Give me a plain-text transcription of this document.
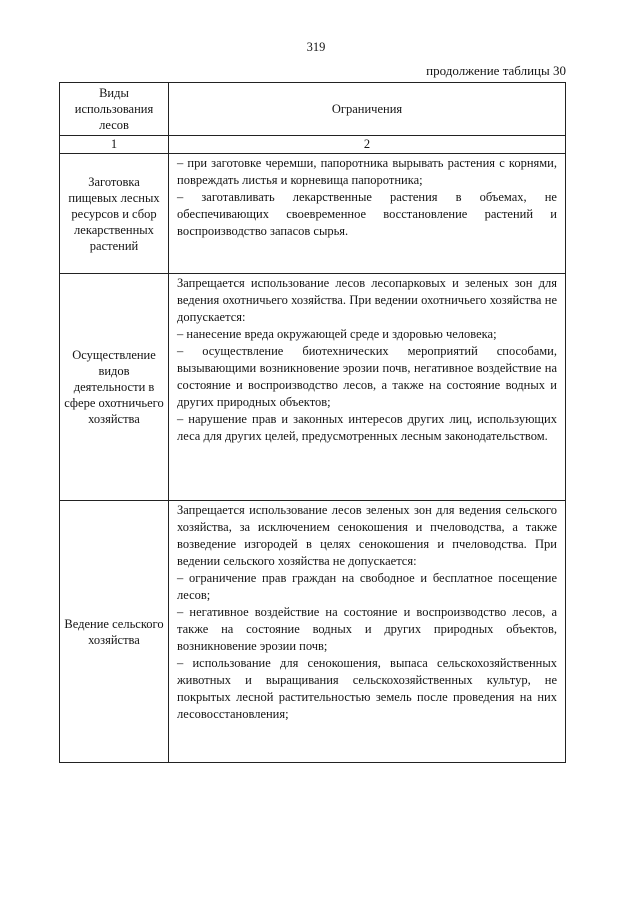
319
продолжение таблицы 30
Виды использования лесов	Ограничения
1	2
Заготовка пищевых лесных ресурсов и сбор лекарственных растений	– при заготовке черемши, папоротника вырывать растения с корнями, повреждать листья и корневища папоротника;

– заготавливать лекарственные растения в объемах, не обеспечивающих своевременное восстановление растений и воспроизводство запасов сырья.

Осуществление видов деятельности в сфере охотничьего хозяйства	Запрещается использование лесов лесопарковых и зеленых зон для ведения охотничьего хозяйства. При ведении охотничьего хозяйства не допускается:

– нанесение вреда окружающей среде и здоровью человека;

– осуществление биотехнических мероприятий способами, вызывающими возникновение эрозии почв, негативное воздействие на состояние и воспроизводство лесов, а также на состояние водных и других природных объектов;

– нарушение прав и законных интересов других лиц, использующих леса для других целей, предусмотренных лесным законодательством.

Ведение сельского хозяйства	Запрещается использование лесов зеленых зон для ведения сельского хозяйства, за исключением сенокошения и пчеловодства, а также возведение изгородей в целях сенокошения и пчеловодства. При ведении сельского хозяйства не допускается:

– ограничение прав граждан на свободное и бесплатное посещение лесов;

– негативное воздействие на состояние и воспроизводство лесов, а также на состояние водных и других природных объектов, возникновение эрозии почв;

– использование для сенокошения, выпаса сельскохозяйственных животных и выращивания сельскохозяйственных культур, не покрытых лесной растительностью земель после проведения на них лесовосстановления;
